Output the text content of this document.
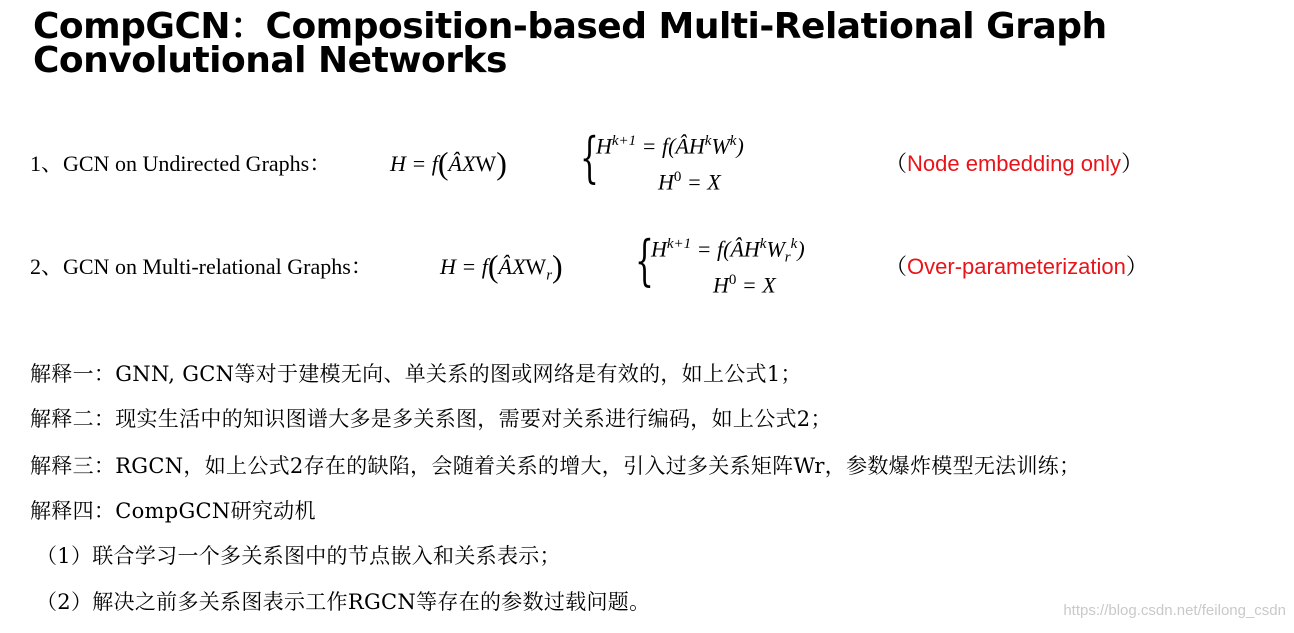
CompGCN：Composition-based Multi-Relational Graph
Convolutional Networks
1、GCN on Undirected Graphs：	H = f(ÂXW) {
$H^{k+1}$ = $f(ÂH^kW^k)$
$H^0 = X$
（Node embedding only）
2、GCN on Multi-relational Graphs：	$H = f(ÂXW_r)$ {
$H^{k+1}$ = $f(ÂH^kW_r^k)$
$H^0 = X$
（Over-parameterization）
解释一：GNN, GCN等对于建模无向、单关系的图或网络是有效的，如上公式1；
解释二：现实生活中的知识图谱大多是多关系图，需要对关系进行编码，如上公式2；
解释三：RGCN，如上公式2存在的缺陷，会随着关系的增大，引入过多关系矩阵Wr，参数爆炸模型无法训练；
解释四：CompGCN研究动机
（1）联合学习一个多关系图中的节点嵌入和关系表示；
（2）解决之前多关系图表示工作RGCN等存在的参数过载问题。	https://blog.csdn.net/feilong_csdn
